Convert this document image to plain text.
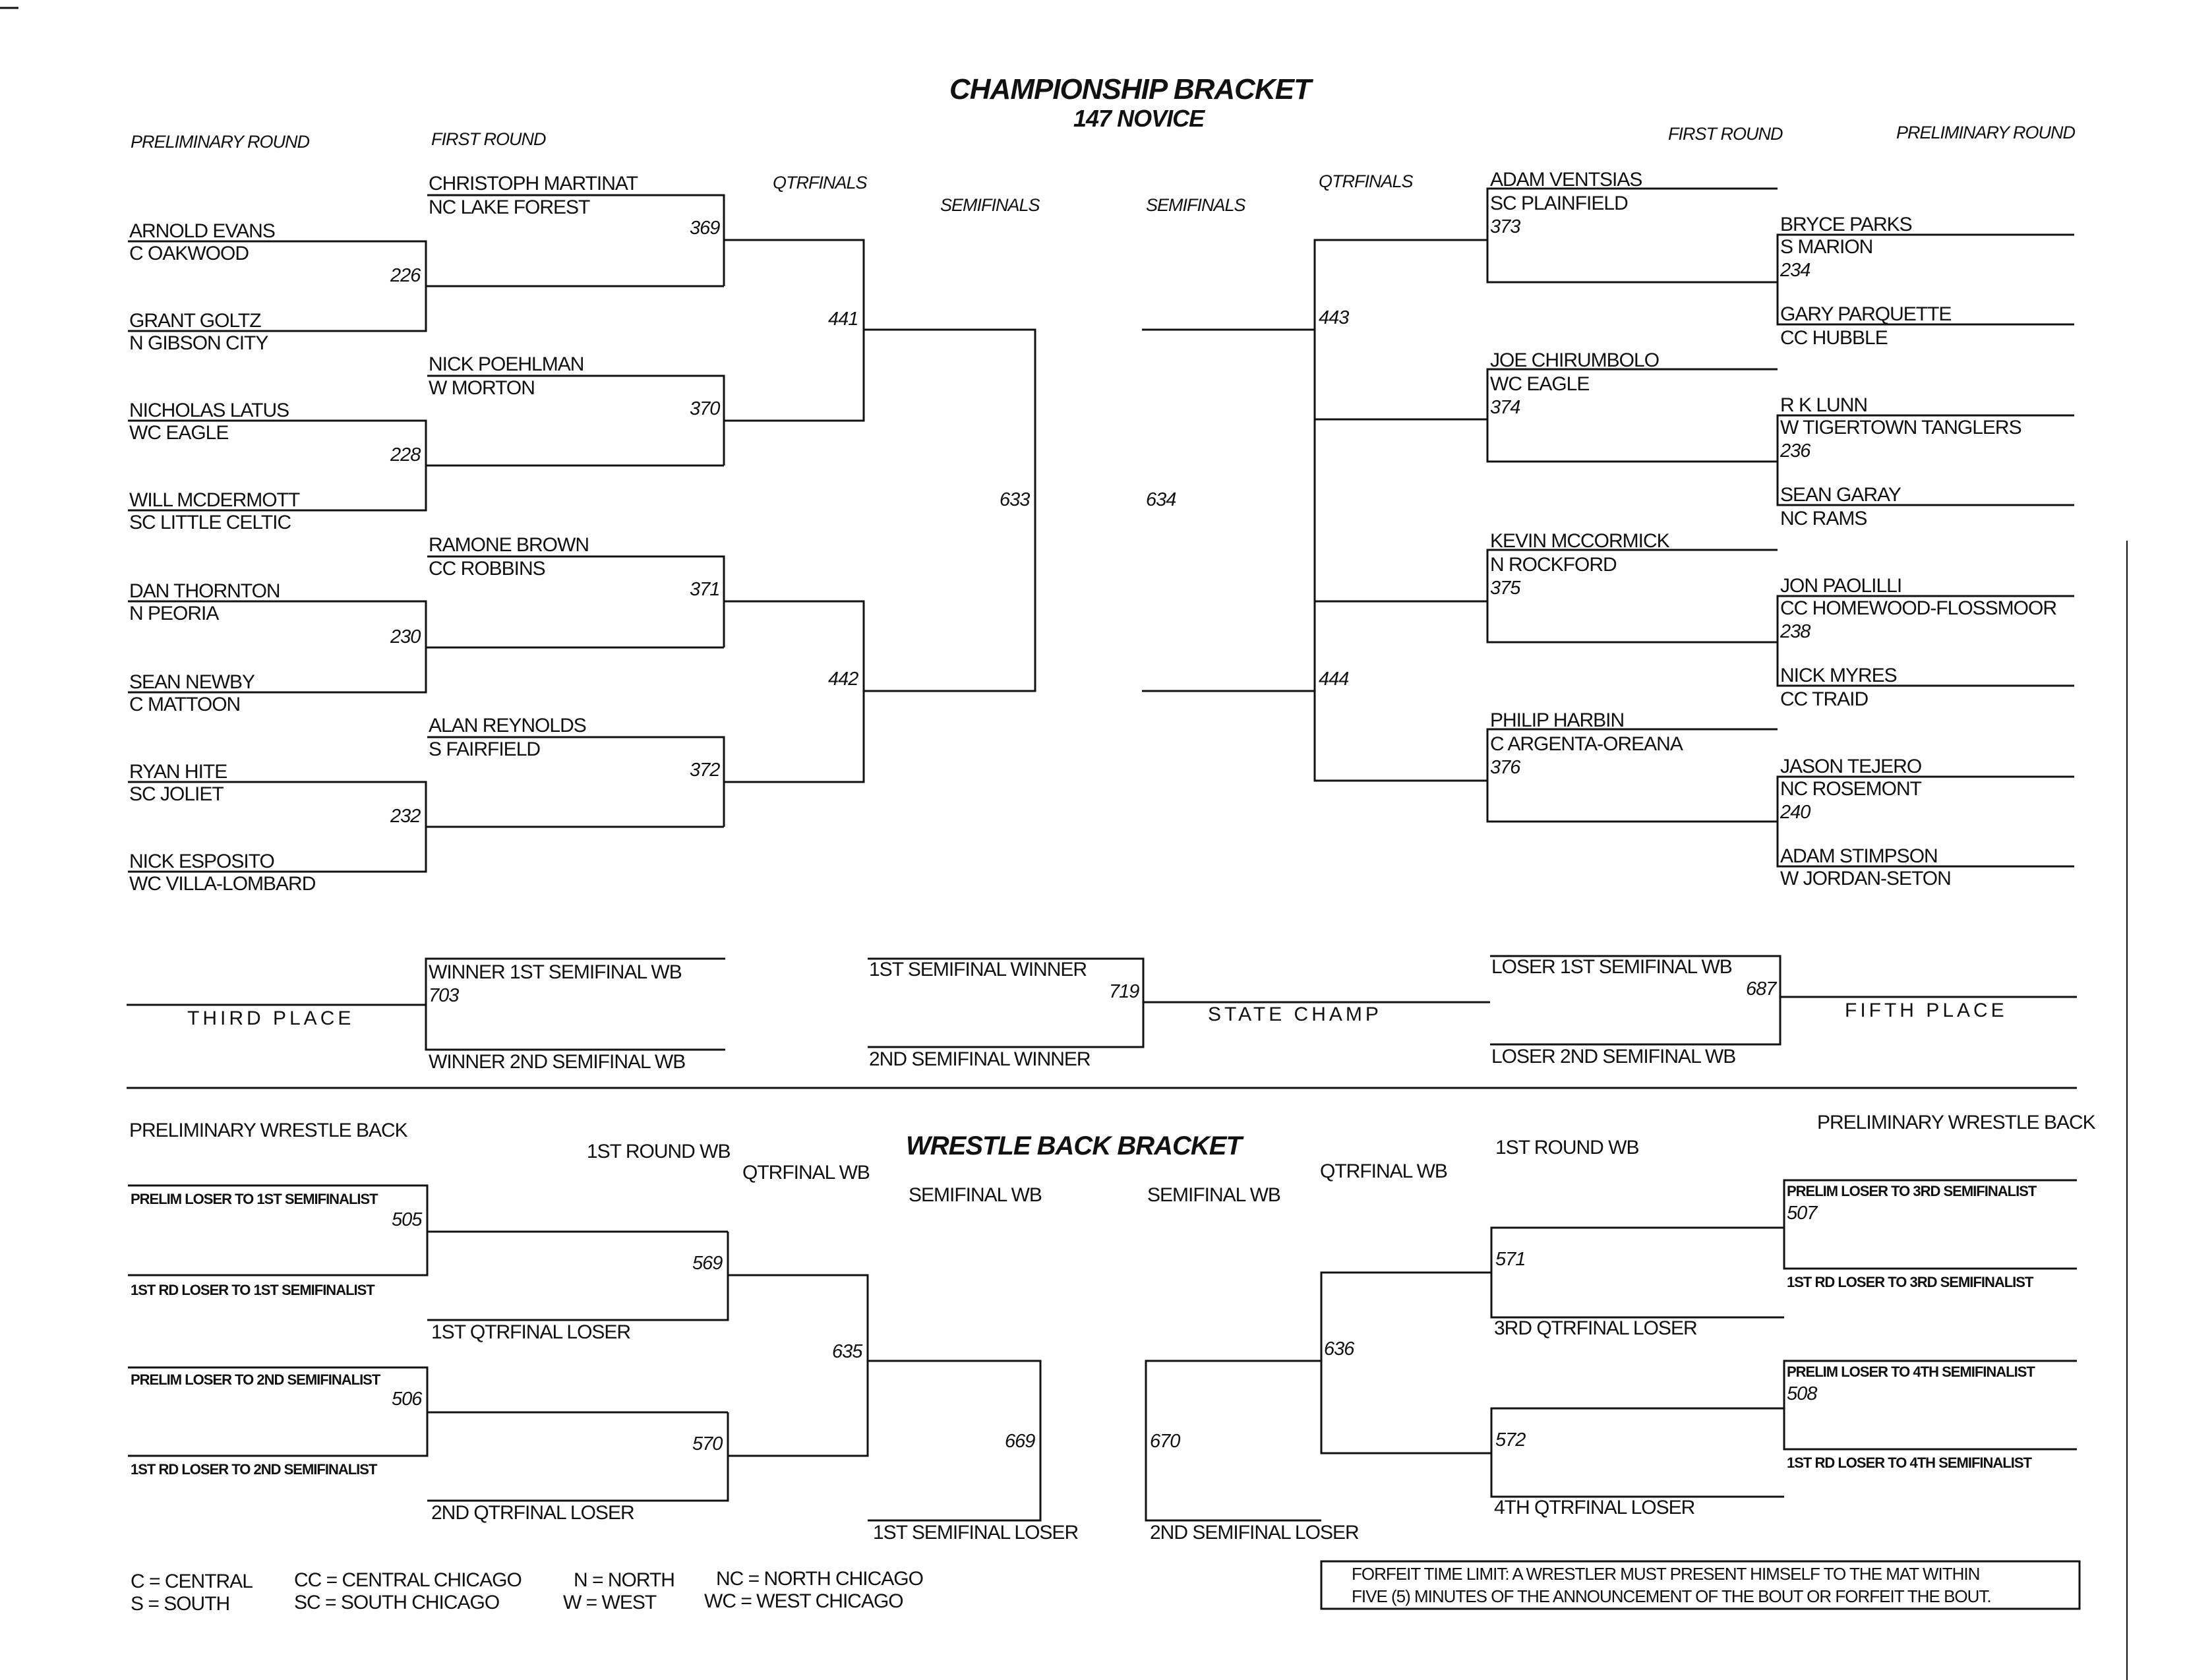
CHAMPIONSHIP BRACKET
147 NOVICE
PRELIMINARY ROUND	FIRST ROUND
QTRFINALS
SEMIFINALS	SEMIFINALS
QTRFINALS
FIRST ROUND	PRELIMINARY ROUND
ARNOLD EVANS
C OAKWOOD
GRANT GOLTZ
N GIBSON CITY
NICHOLAS LATUS
WC EAGLE
WILL MCDERMOTT
SC LITTLE CELTIC
DAN THORNTON
N PEORIA
SEAN NEWBY
C MATTOON
RYAN HITE
SC JOLIET
NICK ESPOSITO
WC VILLA-LOMBARD
226
228
230
232
CHRISTOPH MARTINAT
NC LAKE FOREST
NICK POEHLMAN
W MORTON
RAMONE BROWN
CC ROBBINS
ALAN REYNOLDS
S FAIRFIELD
369
370
371
372
441
442
633	634
443
444
ADAM VENTSIAS
SC PLAINFIELD
373
JOE CHIRUMBOLO
WC EAGLE
374
KEVIN MCCORMICK
N ROCKFORD
375
PHILIP HARBIN
C ARGENTA-OREANA
376
BRYCE PARKS
S MARION
234
GARY PARQUETTE
CC HUBBLE
R K LUNN
W TIGERTOWN TANGLERS
236
SEAN GARAY
NC RAMS
JON PAOLILLI
CC HOMEWOOD-FLOSSMOOR
238
NICK MYRES
CC TRAID
JASON TEJERO
NC ROSEMONT
240
ADAM STIMPSON
W JORDAN-SETON
THIRD PLACE
WINNER 1ST SEMIFINAL WB
703
WINNER 2ND SEMIFINAL WB
1ST SEMIFINAL WINNER
719
2ND SEMIFINAL WINNER
STATE CHAMP
LOSER 1ST SEMIFINAL WB
687
LOSER 2ND SEMIFINAL WB
FIFTH PLACE
WRESTLE BACK BRACKET
PRELIMINARY WRESTLE BACK
1ST ROUND WB
QTRFINAL WB
SEMIFINAL WB	SEMIFINAL WB
QTRFINAL WB
1ST ROUND WB
PRELIMINARY WRESTLE BACK
PRELIM LOSER TO 1ST SEMIFINALIST
505
1ST RD LOSER TO 1ST SEMIFINALIST
569
1ST QTRFINAL LOSER
PRELIM LOSER TO 2ND SEMIFINALIST
506
1ST RD LOSER TO 2ND SEMIFINALIST
570
2ND QTRFINAL LOSER
635
669
1ST SEMIFINAL LOSER
670
2ND SEMIFINAL LOSER
636
571
3RD QTRFINAL LOSER
572
4TH QTRFINAL LOSER
PRELIM LOSER TO 3RD SEMIFINALIST
507
1ST RD LOSER TO 3RD SEMIFINALIST
PRELIM LOSER TO 4TH SEMIFINALIST
508
1ST RD LOSER TO 4TH SEMIFINALIST
C = CENTRAL
S = SOUTH
CC = CENTRAL CHICAGO
SC = SOUTH CHICAGO
N = NORTH
W = WEST
NC = NORTH CHICAGO
WC = WEST CHICAGO
FORFEIT TIME LIMIT: A WRESTLER MUST PRESENT HIMSELF TO THE MAT WITHIN
FIVE (5) MINUTES OF THE ANNOUNCEMENT OF THE BOUT OR FORFEIT THE BOUT.
